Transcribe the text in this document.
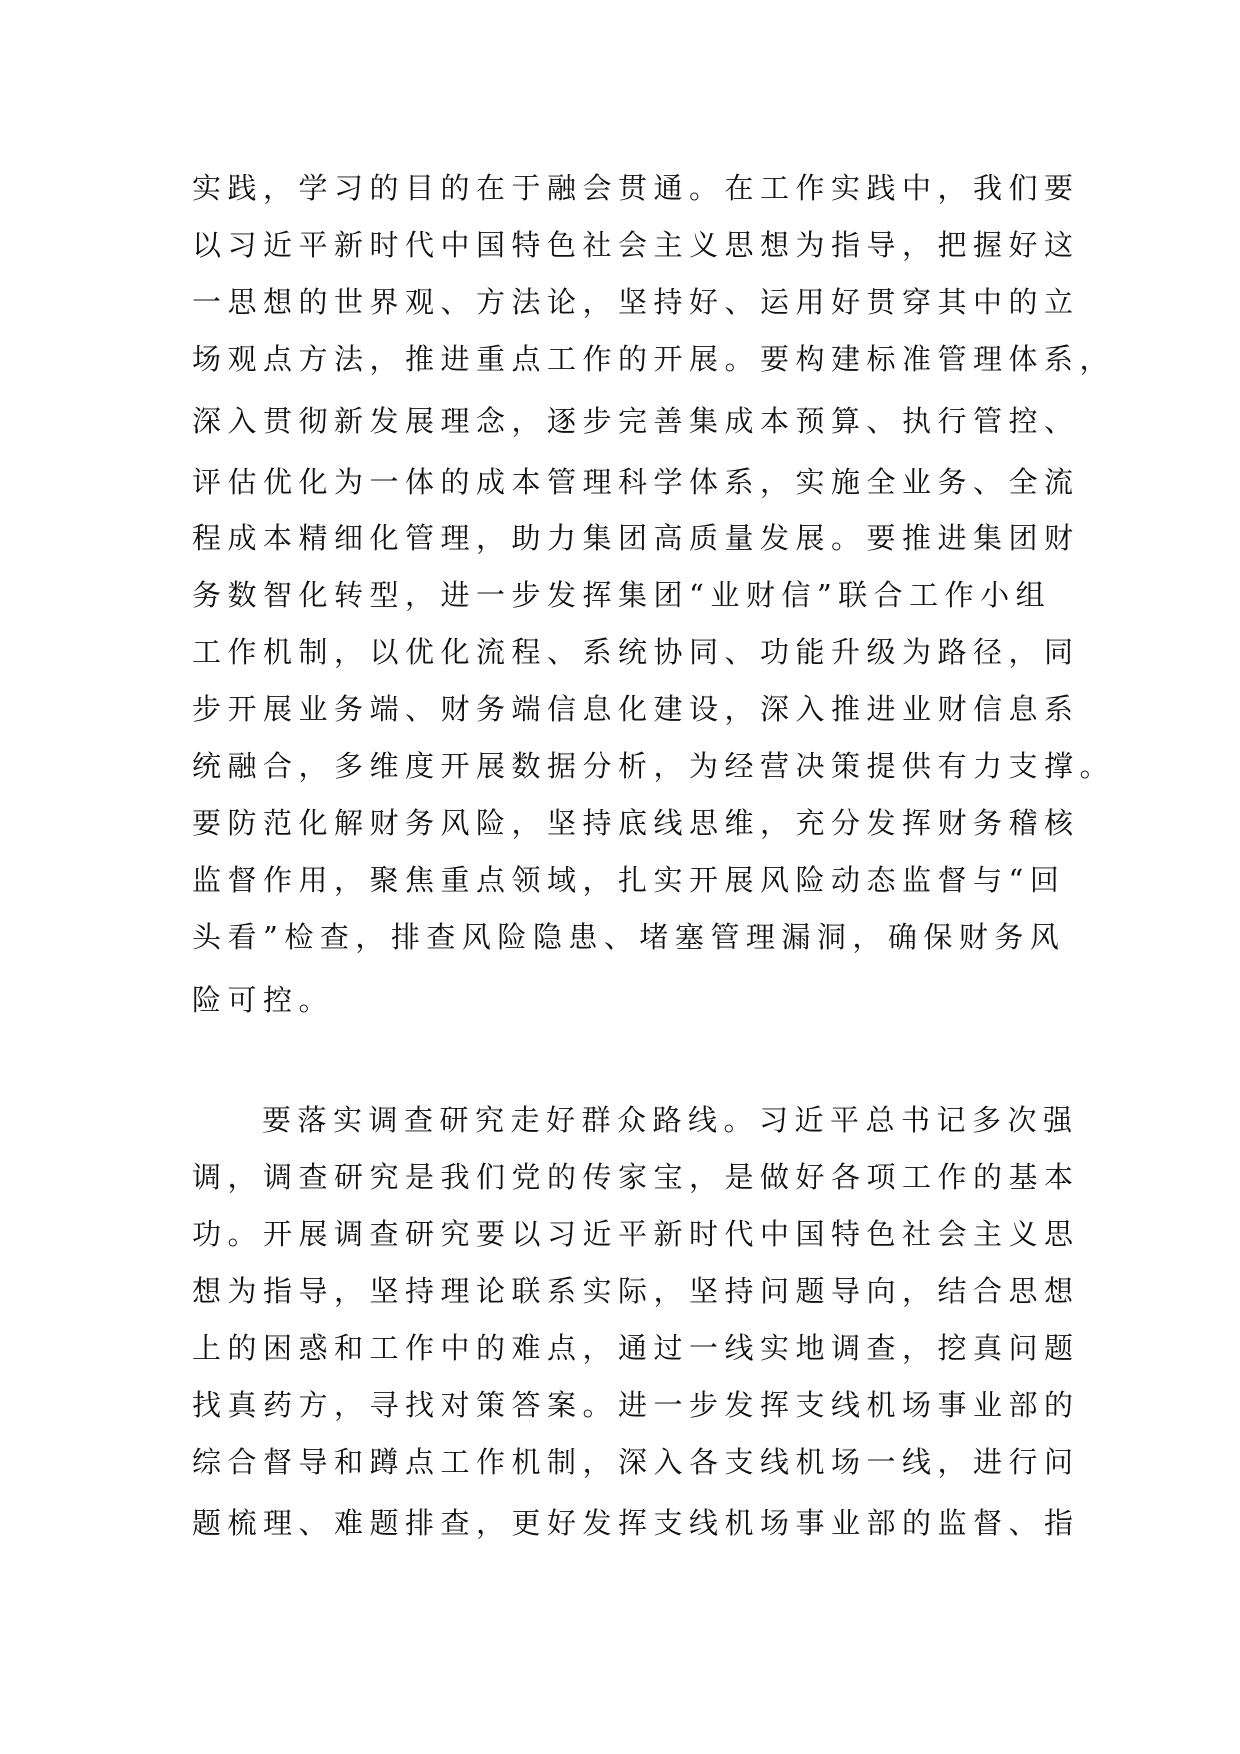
实践，学习的目的在于融会贯通。在工作实践中，我们要
以习近平新时代中国特色社会主义思想为指导，把握好这
一思想的世界观、方法论，坚持好、运用好贯穿其中的立
场观点方法，推进重点工作的开展。要构建标准管理体系，
深入贯彻新发展理念，逐步完善集成本预算、执行管控、
评估优化为一体的成本管理科学体系，实施全业务、全流
程成本精细化管理，助力集团高质量发展。要推进集团财
务数智化转型，进一步发挥集团“业财信”联合工作小组
工作机制，以优化流程、系统协同、功能升级为路径，同
步开展业务端、财务端信息化建设，深入推进业财信息系
统融合，多维度开展数据分析，为经营决策提供有力支撑。
要防范化解财务风险，坚持底线思维，充分发挥财务稽核
监督作用，聚焦重点领域，扎实开展风险动态监督与“回
头看”检查，排查风险隐患、堵塞管理漏洞，确保财务风
险可控。
要落实调查研究走好群众路线。习近平总书记多次强
调，调查研究是我们党的传家宝，是做好各项工作的基本
功。开展调查研究要以习近平新时代中国特色社会主义思
想为指导，坚持理论联系实际，坚持问题导向，结合思想
上的困惑和工作中的难点，通过一线实地调查，挖真问题
找真药方，寻找对策答案。进一步发挥支线机场事业部的
综合督导和蹲点工作机制，深入各支线机场一线，进行问
题梳理、难题排查，更好发挥支线机场事业部的监督、指
